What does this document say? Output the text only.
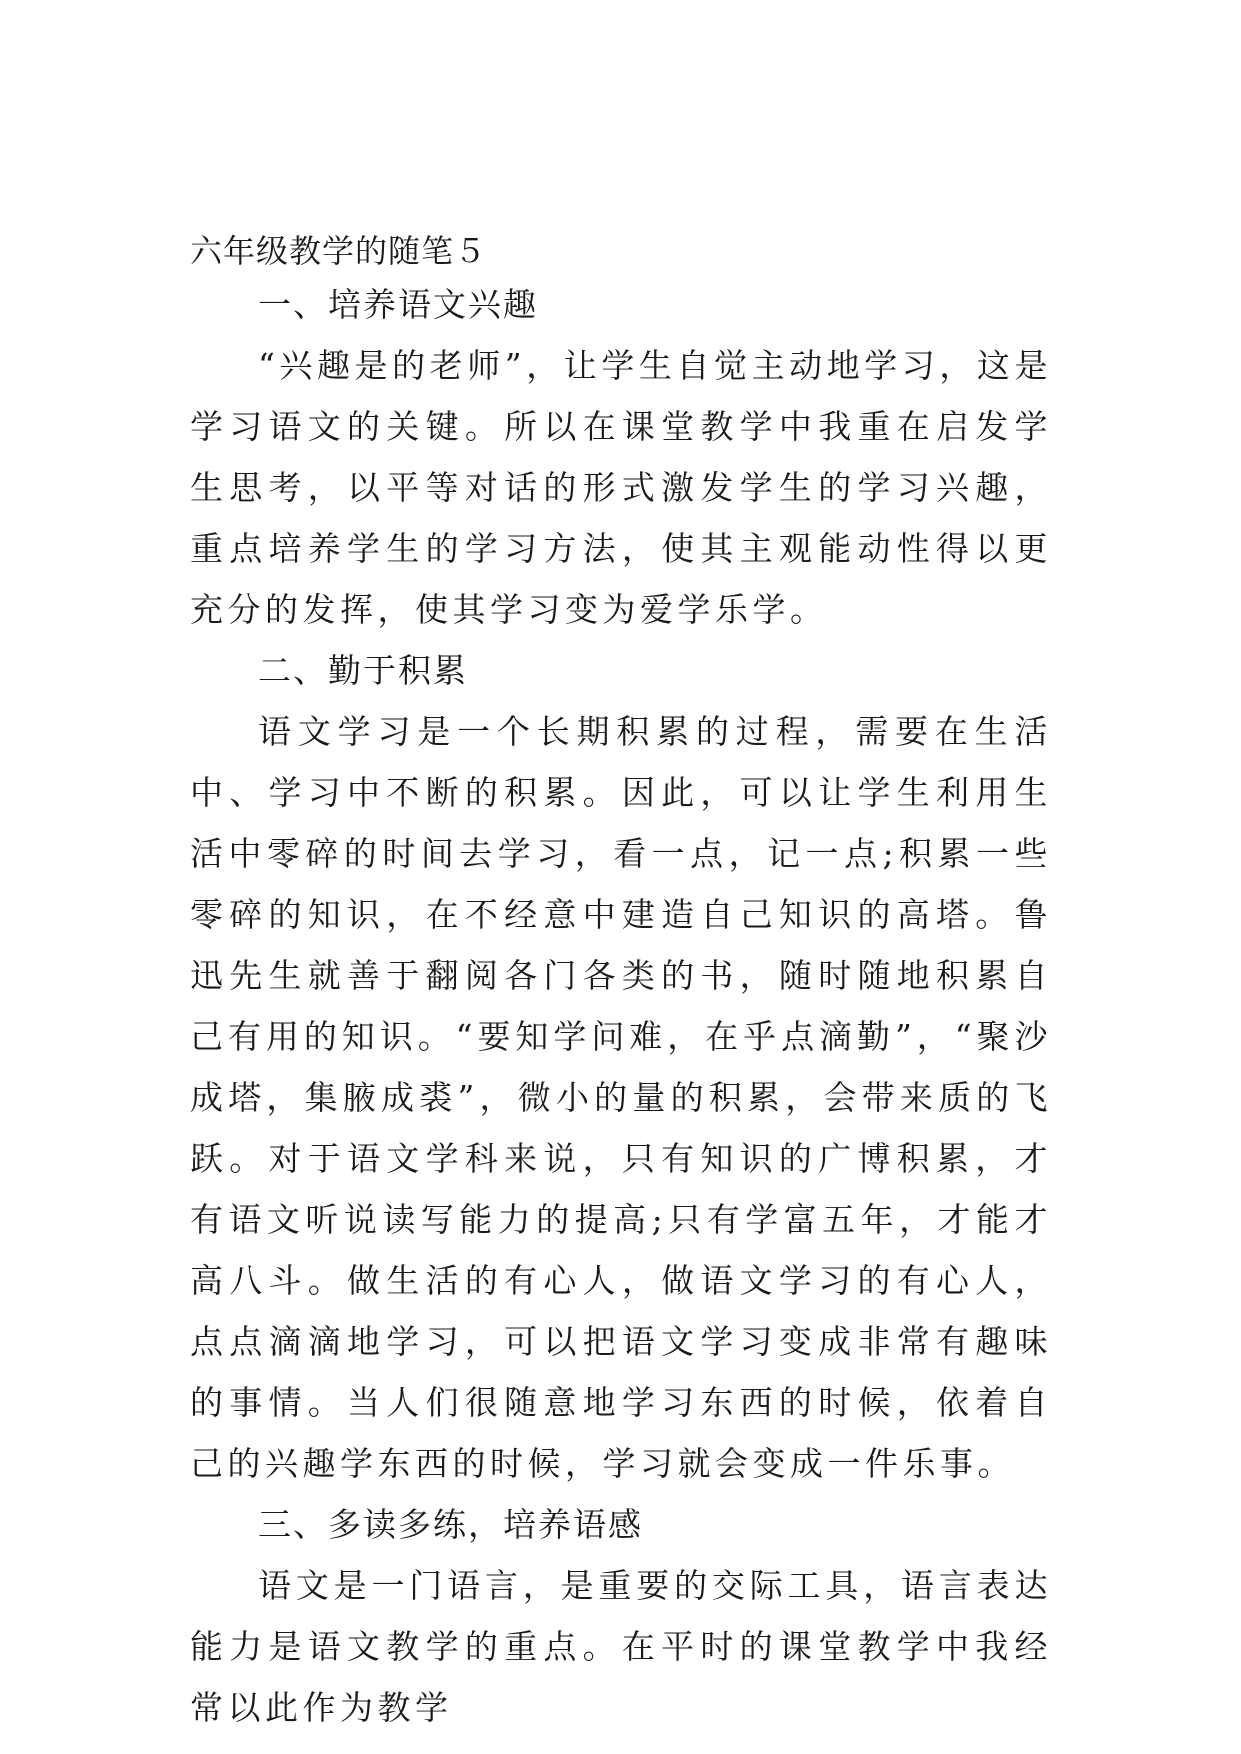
六年级教学的随笔５
一、培养语文兴趣

“兴趣是的老师”，让学生自觉主动地学习，这是学习语文的关键。所以在课堂教学中我重在启发学生思考，以平等对话的形式激发学生的学习兴趣，重点培养学生的学习方法，使其主观能动性得以更充分的发挥，使其学习变为爱学乐学。

二、勤于积累

语文学习是一个长期积累的过程，需要在生活中、学习中不断的积累。因此，可以让学生利用生活中零碎的时间去学习，看一点，记一点;积累一些零碎的知识，在不经意中建造自己知识的高塔。鲁迅先生就善于翻阅各门各类的书，随时随地积累自己有用的知识。“要知学问难，在乎点滴勤”，“聚沙成塔，集腋成裘”，微小的量的积累，会带来质的飞跃。对于语文学科来说，只有知识的广博积累，才有语文听说读写能力的提高;只有学富五年，才能才高八斗。做生活的有心人，做语文学习的有心人，点点滴滴地学习，可以把语文学习变成非常有趣味的事情。当人们很随意地学习东西的时候，依着自己的兴趣学东西的时候，学习就会变成一件乐事。

三、多读多练，培养语感

语文是一门语言，是重要的交际工具，语言表达能力是语文教学的重点。在平时的课堂教学中我经常以此作为教学
